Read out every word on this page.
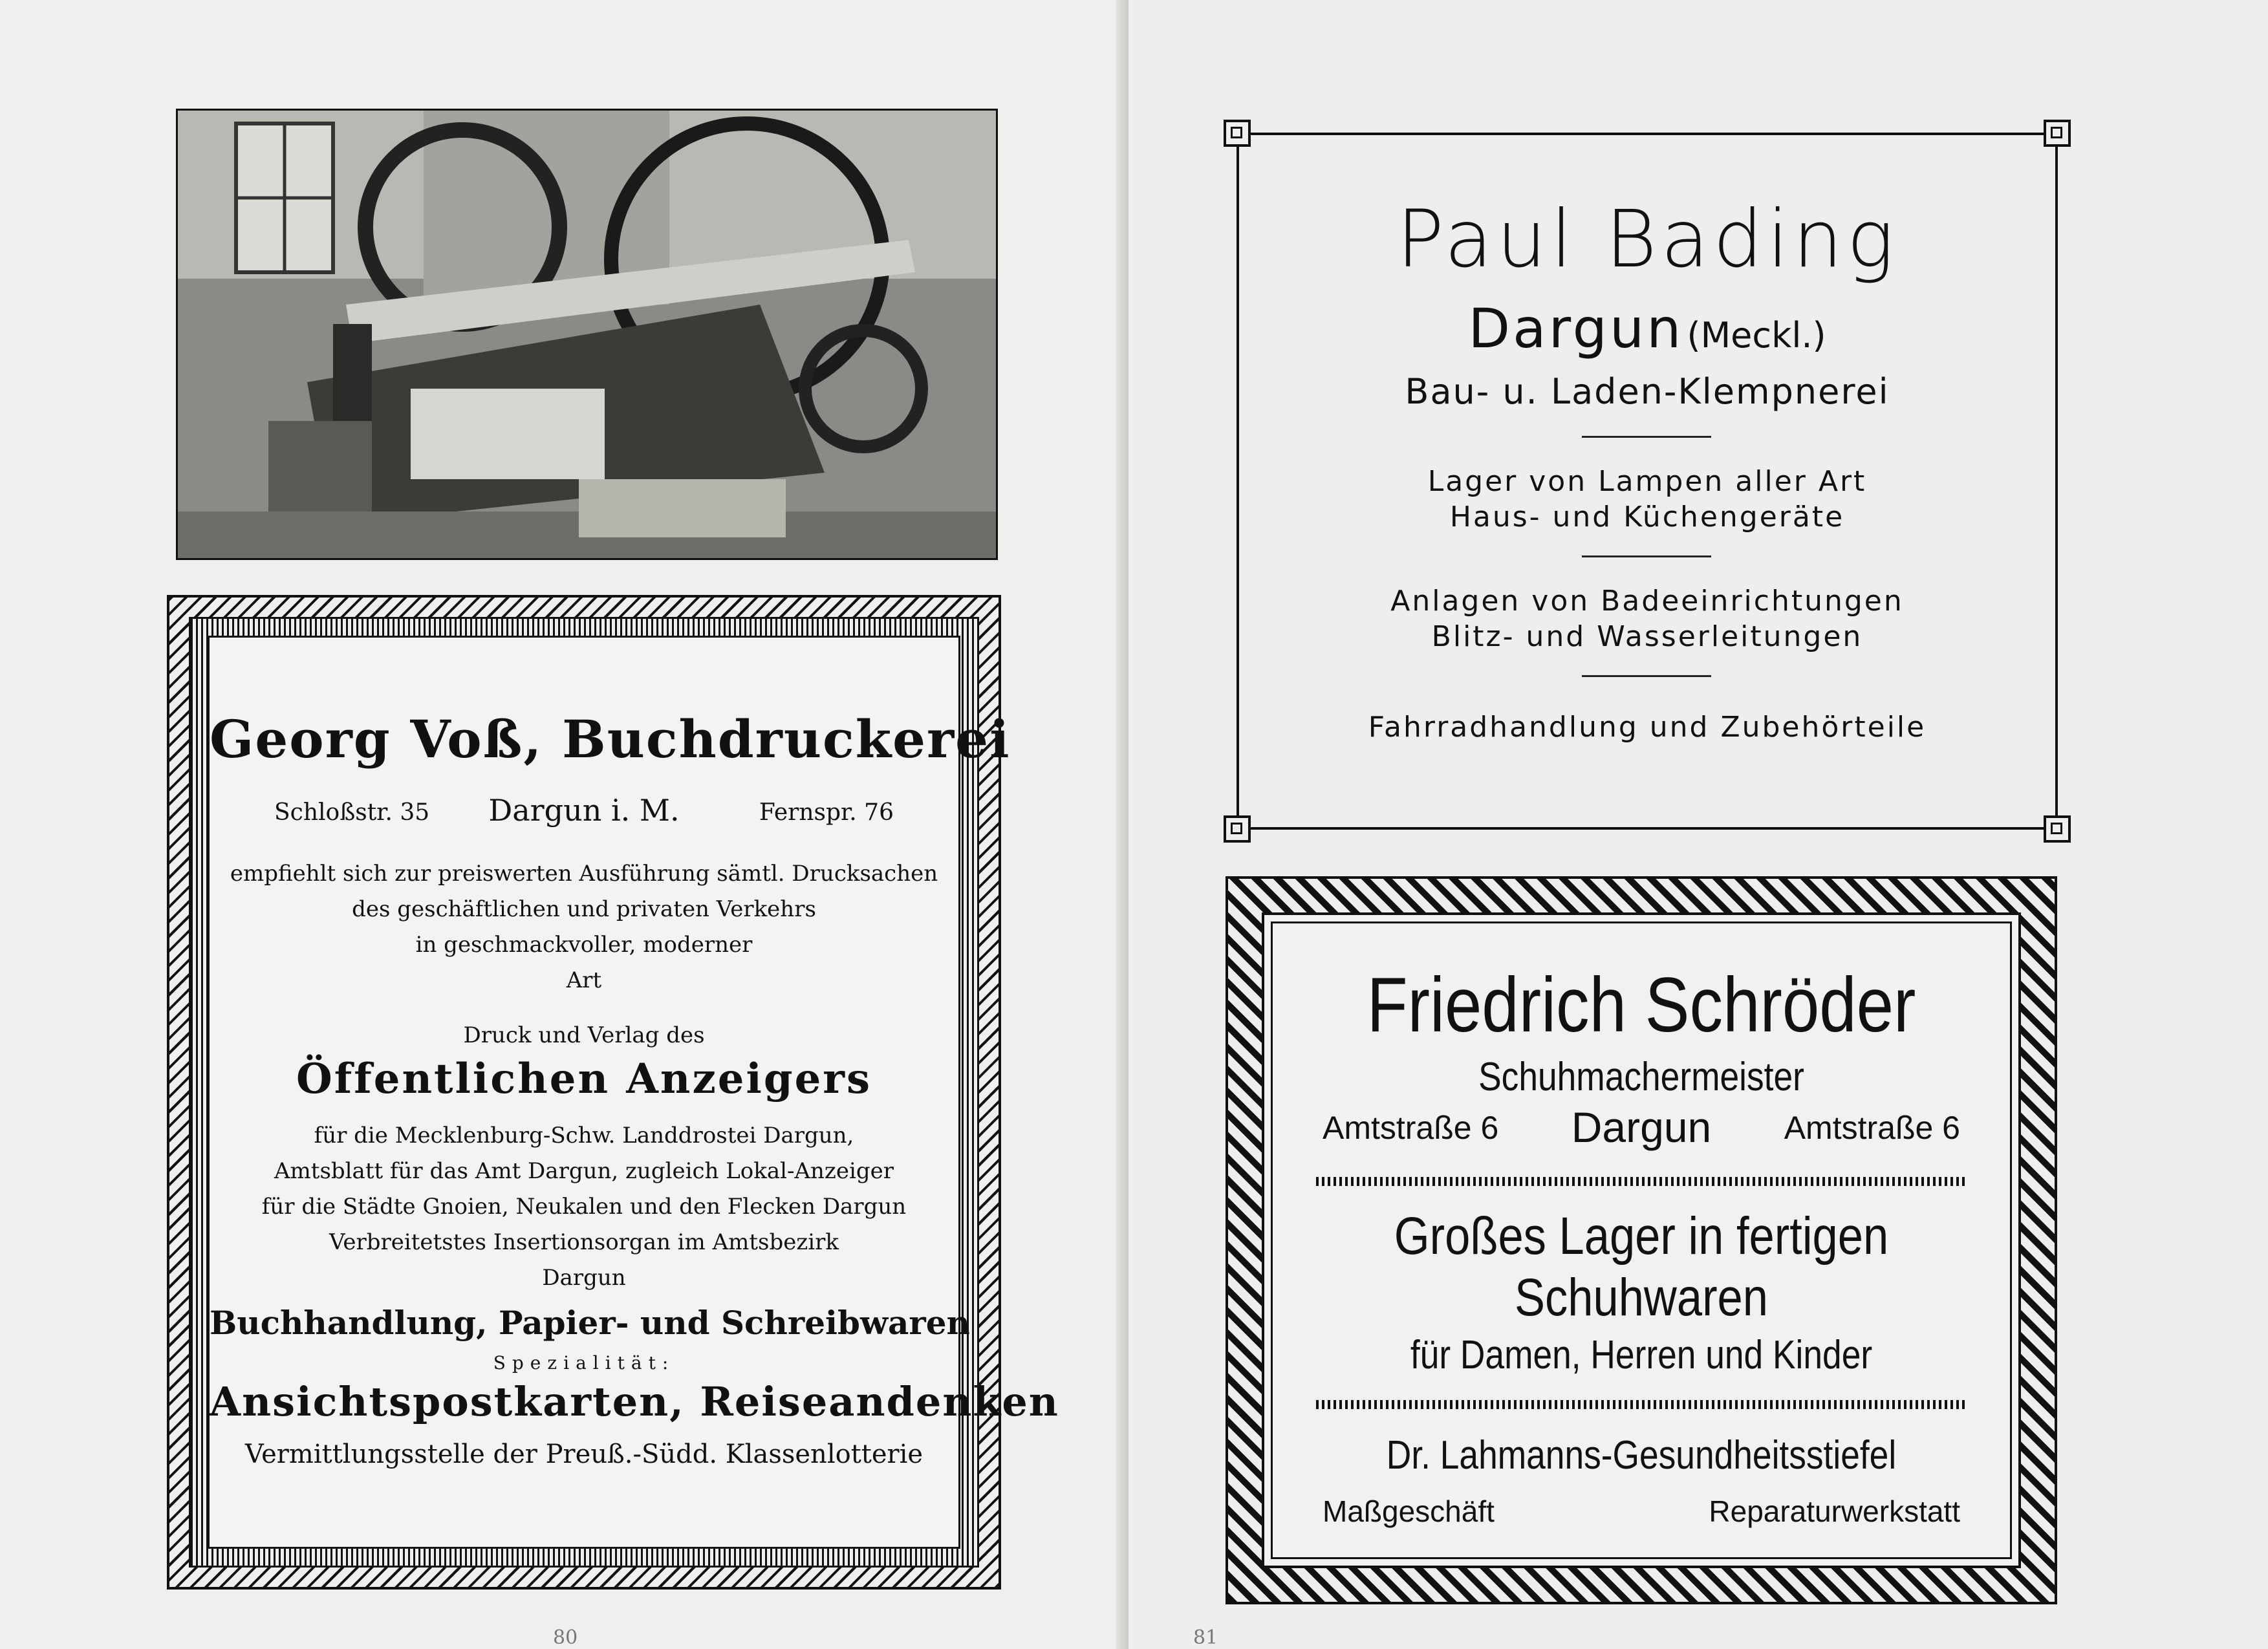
Georg Voß, Buchdruckerei
Schloßstr. 35	Dargun i. M.	Fernspr. 76
empfiehlt sich zur preiswerten Ausführung sämtl. Drucksachen
des geschäftlichen und privaten Verkehrs
in geschmackvoller, moderner
Art
Druck und Verlag des
Öffentlichen Anzeigers
für die Mecklenburg-Schw. Landdrostei Dargun,
Amtsblatt für das Amt Dargun, zugleich Lokal-Anzeiger
für die Städte Gnoien, Neukalen und den Flecken Dargun
Verbreitetstes Insertionsorgan im Amtsbezirk
Dargun
Buchhandlung, Papier- und Schreibwaren
Spezialität:
Ansichtspostkarten, Reiseandenken
Vermittlungsstelle der Preuß.-Südd. Klassenlotterie
80
Paul Bading
Dargun (Meckl.)
Bau- u. Laden-Klempnerei
Lager von Lampen aller Art
Haus- und Küchengeräte
Anlagen von Badeeinrichtungen
Blitz- und Wasserleitungen
Fahrradhandlung und Zubehörteile
Friedrich Schröder
Schuhmachermeister
Amtstraße 6	Dargun	Amtstraße 6
Großes Lager in fertigen
Schuhwaren
für Damen, Herren und Kinder
Dr. Lahmanns-Gesundheitsstiefel
Maßgeschäft	Reparaturwerkstatt
81
